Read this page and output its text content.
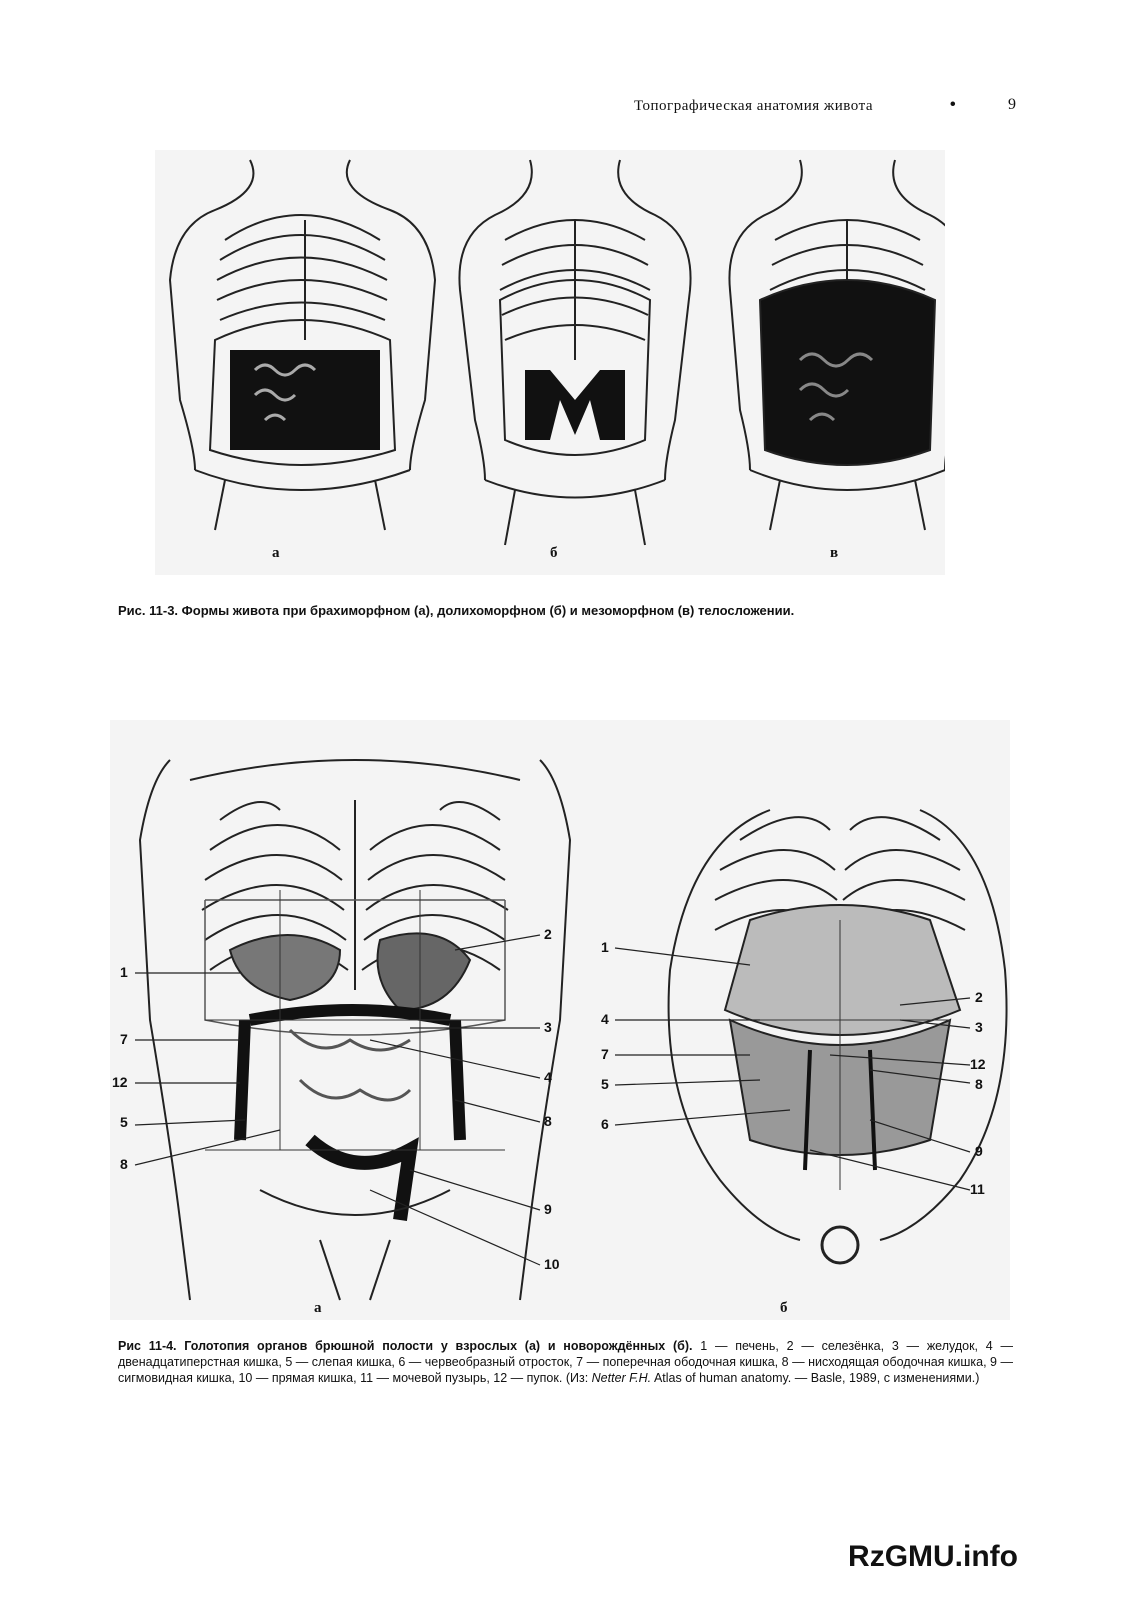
Топографическая анатомия живота	•	9
а	б	в
Рис. 11-3. Формы живота при брахиморфном (а), долихоморфном (б) и мезоморфном (в) телосложении.
1
2
3
4
5
7
8
8
9
10
12
1
2
3
4
5
6
7
8
9
11
12
а	б
Рис 11-4. Голотопия органов брюшной полости у взрослых (а) и новорождённых (б). 1 — печень, 2 — селезёнка, 3 — желудок, 4 — двенадцатиперстная кишка, 5 — слепая кишка, 6 — червеобразный отросток, 7 — поперечная ободочная кишка, 8 — нисходящая ободочная кишка, 9 — сигмовидная кишка, 10 — прямая кишка, 11 — мочевой пузырь, 12 — пупок. (Из: Netter F.H. Atlas of human anatomy. — Basle, 1989, с изменениями.)
RzGMU.info
